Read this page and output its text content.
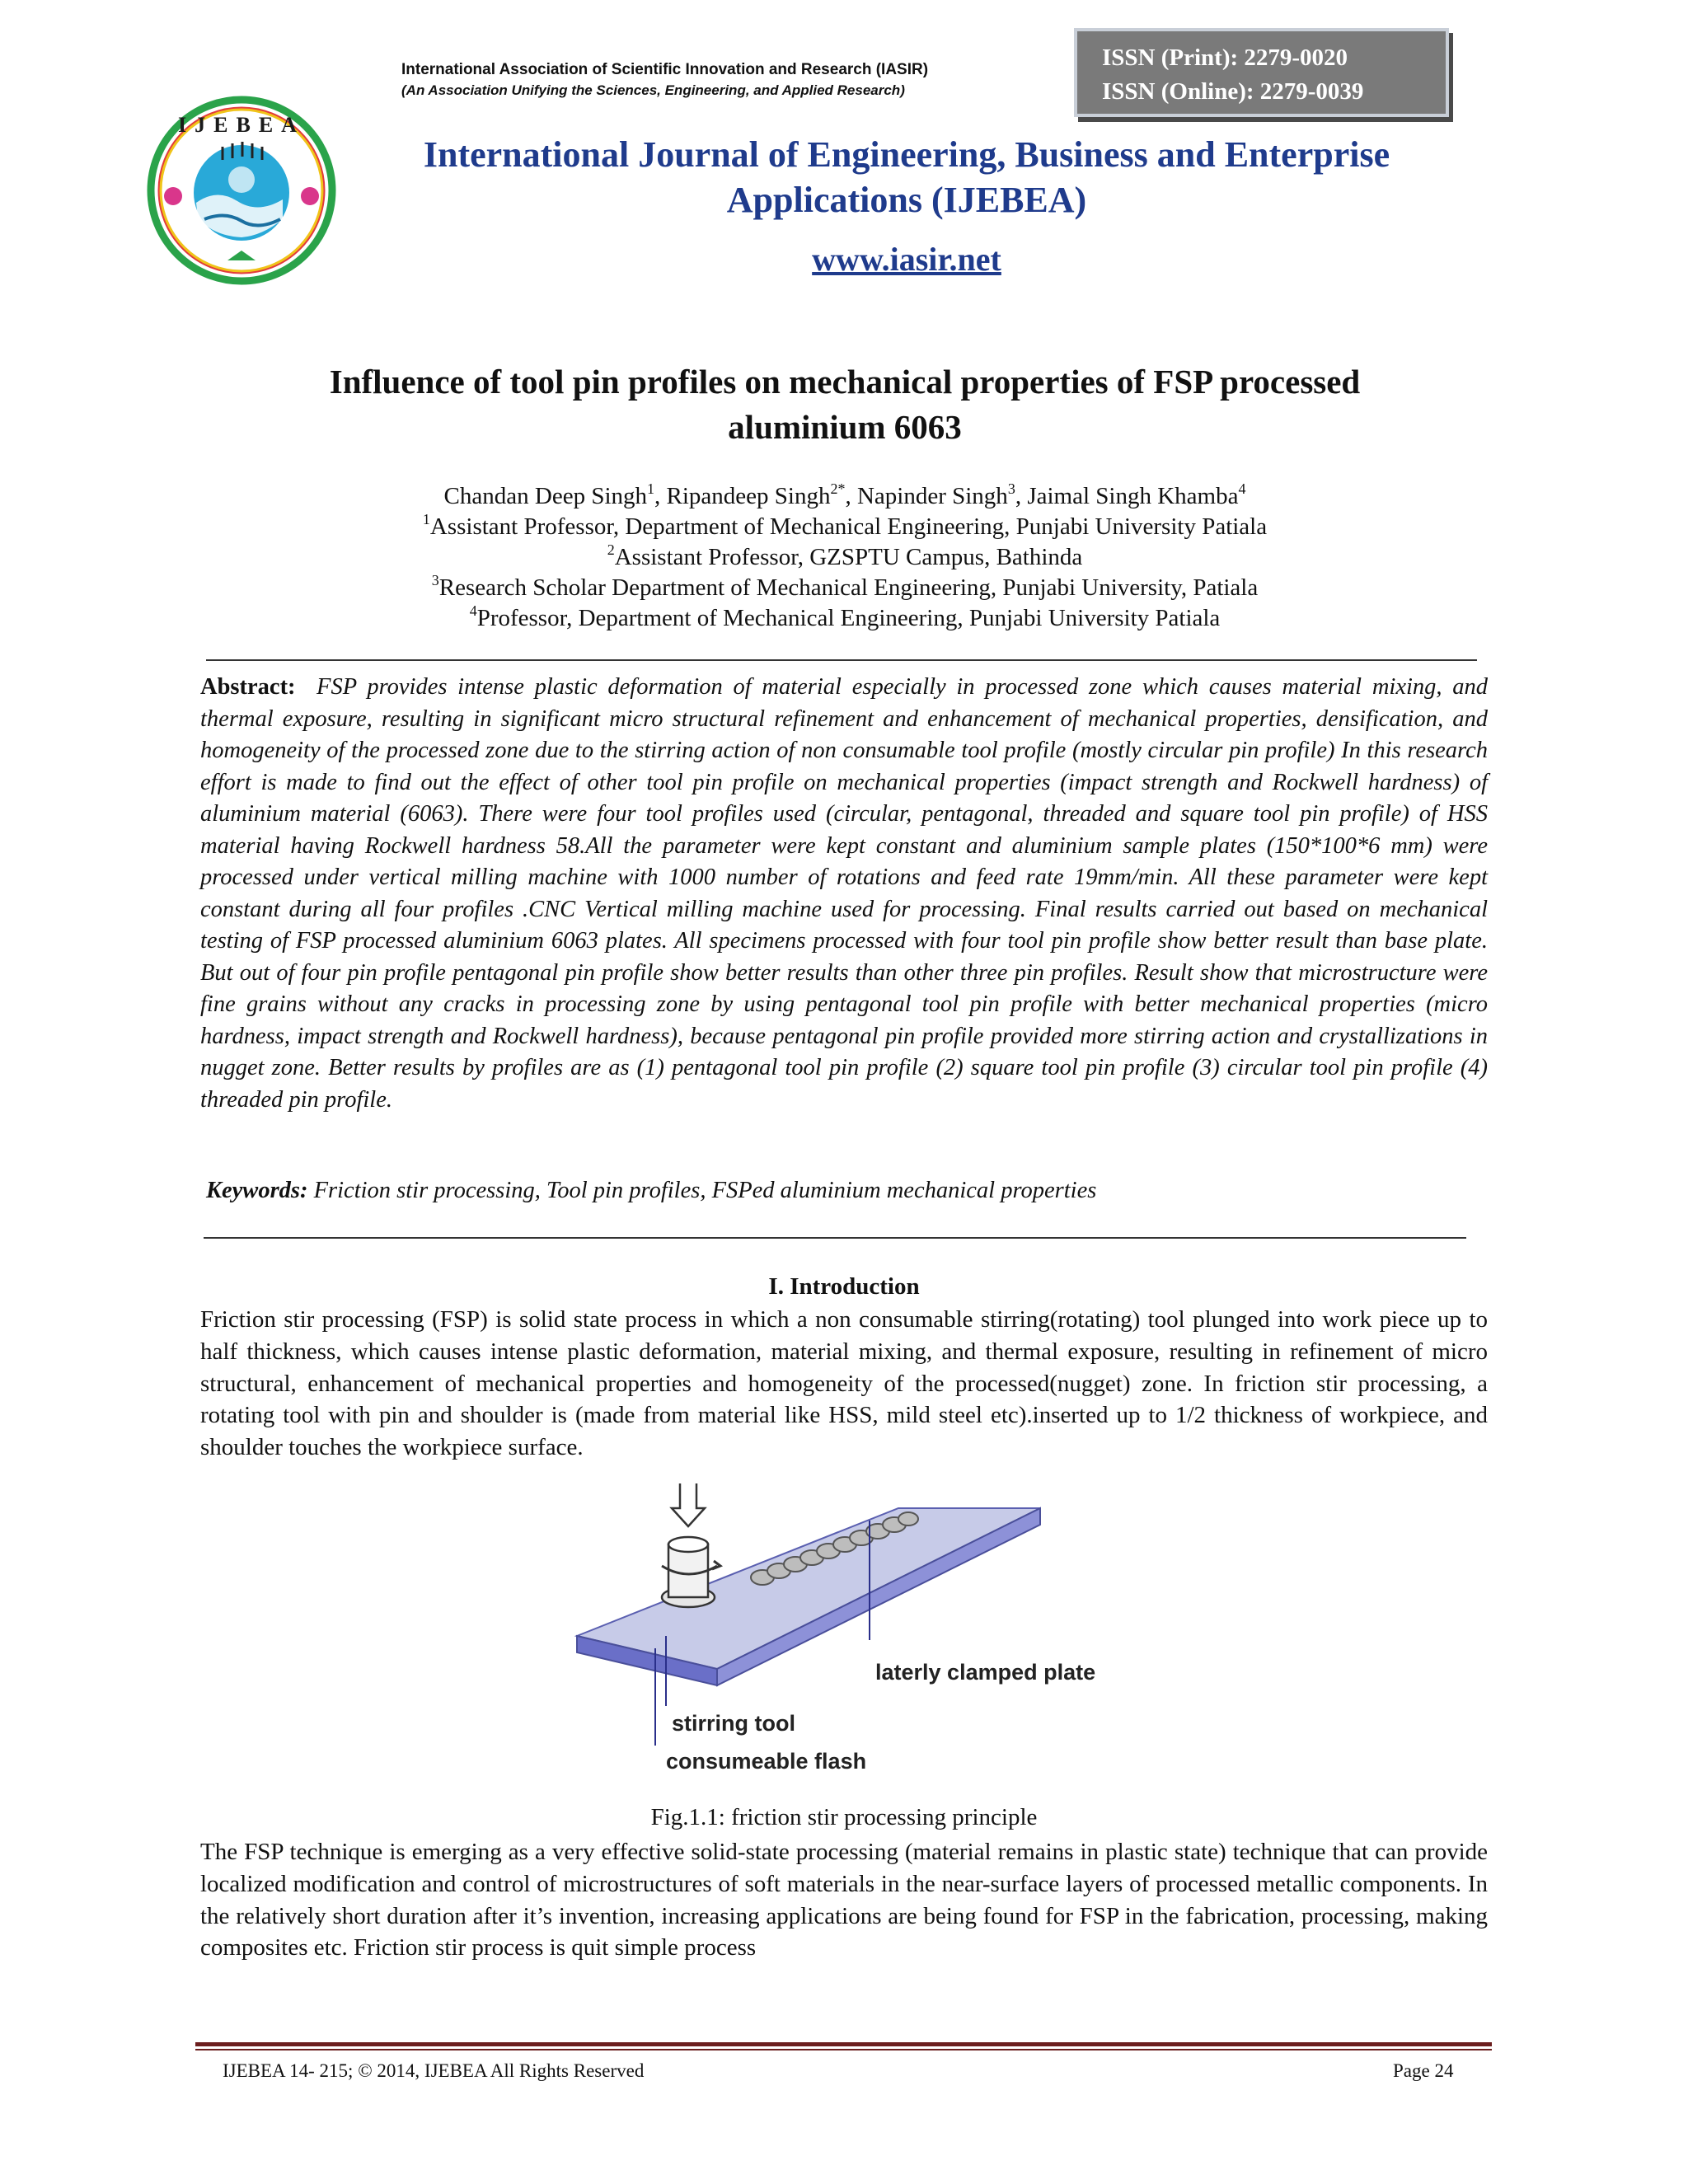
IJEBEA
International Association of Scientific Innovation and Research (IASIR)
(An Association Unifying the Sciences, Engineering, and Applied Research)
ISSN (Print): 2279-0020
ISSN (Online): 2279-0039
International Journal of Engineering, Business and Enterprise
Applications (IJEBEA)
www.iasir.net
Influence of tool pin profiles on mechanical properties of FSP processed
aluminium 6063
Chandan Deep Singh$^1$, Ripandeep Singh$^{2*}$, Napinder Singh$^3$, Jaimal Singh Khamba$^4$
$^1$Assistant Professor, Department of Mechanical Engineering, Punjabi University Patiala
$^2$Assistant Professor, GZSPTU Campus, Bathinda
$^3$Research Scholar Department of Mechanical Engineering, Punjabi University, Patiala
$^4$Professor, Department of Mechanical Engineering, Punjabi University Patiala
Abstract: FSP provides intense plastic deformation of material especially in processed zone which causes material mixing, and thermal exposure, resulting in significant micro structural refinement and enhancement of mechanical properties, densification, and homogeneity of the processed zone due to the stirring action of non consumable tool profile (mostly circular pin profile) In this research effort is made to find out the effect of other tool pin profile on mechanical properties (impact strength and Rockwell hardness) of aluminium material (6063). There were four tool profiles used (circular, pentagonal, threaded and square tool pin profile) of HSS material having Rockwell hardness 58.All the parameter were kept constant and aluminium sample plates (150*100*6 mm) were processed under vertical milling machine with 1000 number of rotations and feed rate 19mm/min. All these parameter were kept constant during all four profiles .CNC Vertical milling machine used for processing. Final results carried out based on mechanical testing of FSP processed aluminium 6063 plates. All specimens processed with four tool pin profile show better result than base plate. But out of four pin profile pentagonal pin profile show better results than other three pin profiles. Result show that microstructure were fine grains without any cracks in processing zone by using pentagonal tool pin profile with better mechanical properties (micro hardness, impact strength and Rockwell hardness), because pentagonal pin profile provided more stirring action and crystallizations in nugget zone. Better results by profiles are as (1) pentagonal tool pin profile (2) square tool pin profile (3) circular tool pin profile (4) threaded pin profile.
Keywords: Friction stir processing, Tool pin profiles, FSPed aluminium mechanical properties
I. Introduction
Friction stir processing (FSP) is solid state process in which a non consumable stirring(rotating) tool plunged into work piece up to half thickness, which causes intense plastic deformation, material mixing, and thermal exposure, resulting in refinement of micro structural, enhancement of mechanical properties and homogeneity of the processed(nugget) zone. In friction stir processing, a rotating tool with pin and shoulder is (made from material like HSS, mild steel etc).inserted up to 1/2 thickness of workpiece, and shoulder touches the workpiece surface.
laterly clamped plate
stirring tool
consumeable flash
Fig.1.1: friction stir processing principle
The FSP technique is emerging as a very effective solid-state processing (material remains in plastic state) technique that can provide localized modification and control of microstructures of soft materials in the near-surface layers of processed metallic components. In the relatively short duration after it’s invention, increasing applications are being found for FSP in the fabrication, processing, making composites etc. Friction stir process is quit simple process
IJEBEA 14- 215; © 2014, IJEBEA All Rights Reserved	Page 24
